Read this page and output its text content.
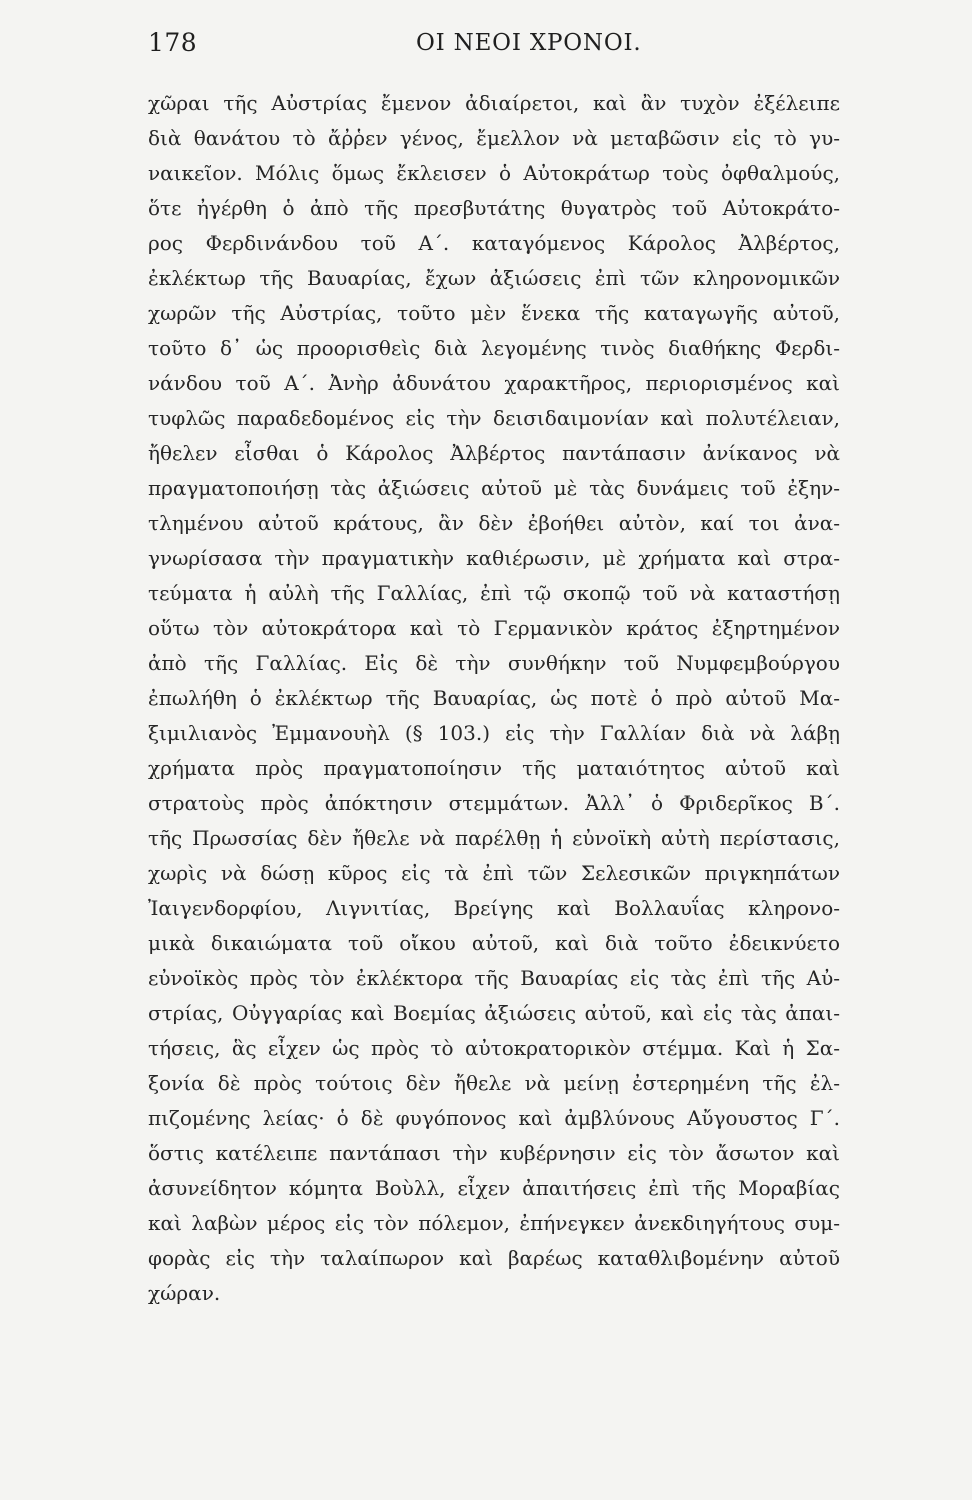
178	ΟΙ ΝΕΟΙ ΧΡΟΝΟΙ.
χῶραι τῆς Αὐστρίας ἔμενον ἀδιαίρετοι, καὶ ἂν τυχὸν ἐξέλειπε
διὰ θανάτου τὸ ἄῤῥεν γένος, ἔμελλον νὰ μεταβῶσιν εἰς τὸ γυ-
ναικεῖον. Μόλις ὅμως ἔκλεισεν ὁ Αὐτοκράτωρ τοὺς ὀφθαλμούς,
ὅτε ἠγέρθη ὁ ἀπὸ τῆς πρεσβυτάτης θυγατρὸς τοῦ Αὐτοκράτο-
ρος Φερδινάνδου τοῦ Α΄. καταγόμενος Κάρολος Ἀλβέρτος,
ἐκλέκτωρ τῆς Βαυαρίας, ἔχων ἀξιώσεις ἐπὶ τῶν κληρονομικῶν
χωρῶν τῆς Αὐστρίας, τοῦτο μὲν ἕνεκα τῆς καταγωγῆς αὐτοῦ,
τοῦτο δ᾽ ὡς προορισθεὶς διὰ λεγομένης τινὸς διαθήκης Φερδι-
νάνδου τοῦ Α΄. Ἀνὴρ ἀδυνάτου χαρακτῆρος, περιορισμένος καὶ
τυφλῶς παραδεδομένος εἰς τὴν δεισιδαιμονίαν καὶ πολυτέλειαν,
ἤθελεν εἶσθαι ὁ Κάρολος Ἀλβέρτος παντάπασιν ἀνίκανος νὰ
πραγματοποιήσῃ τὰς ἀξιώσεις αὐτοῦ μὲ τὰς δυνάμεις τοῦ ἐξην-
τλημένου αὐτοῦ κράτους, ἂν δὲν ἐβοήθει αὐτὸν, καί τοι ἀνα-
γνωρίσασα τὴν πραγματικὴν καθιέρωσιν, μὲ χρήματα καὶ στρα-
τεύματα ἡ αὐλὴ τῆς Γαλλίας, ἐπὶ τῷ σκοπῷ τοῦ νὰ καταστήσῃ
οὕτω τὸν αὐτοκράτορα καὶ τὸ Γερμανικὸν κράτος ἐξηρτημένον
ἀπὸ τῆς Γαλλίας. Εἰς δὲ τὴν συνθήκην τοῦ Νυμφεμβούργου
ἐπωλήθη ὁ ἐκλέκτωρ τῆς Βαυαρίας, ὡς ποτὲ ὁ πρὸ αὐτοῦ Μα-
ξιμιλιανὸς Ἐμμανουὴλ (§ 103.) εἰς τὴν Γαλλίαν διὰ νὰ λάβῃ
χρήματα πρὸς πραγματοποίησιν τῆς ματαιότητος αὐτοῦ καὶ
στρατοὺς πρὸς ἀπόκτησιν στεμμάτων. Ἀλλ᾽ ὁ Φριδερῖκος Β΄.
τῆς Πρωσσίας δὲν ἤθελε νὰ παρέλθῃ ἡ εὐνοϊκὴ αὐτὴ περίστασις,
χωρὶς νὰ δώσῃ κῦρος εἰς τὰ ἐπὶ τῶν Σελεσικῶν πριγκηπάτων
Ἰαιγενδορφίου, Λιγνιτίας, Βρείγης καὶ Βολλαυΐας κληρονο-
μικὰ δικαιώματα τοῦ οἴκου αὐτοῦ, καὶ διὰ τοῦτο ἐδεικνύετο
εὐνοϊκὸς πρὸς τὸν ἐκλέκτορα τῆς Βαυαρίας εἰς τὰς ἐπὶ τῆς Αὐ-
στρίας, Οὐγγαρίας καὶ Βοεμίας ἀξιώσεις αὐτοῦ, καὶ εἰς τὰς ἀπαι-
τήσεις, ἃς εἶχεν ὡς πρὸς τὸ αὐτοκρατορικὸν στέμμα. Καὶ ἡ Σα-
ξονία δὲ πρὸς τούτοις δὲν ἤθελε νὰ μείνῃ ἐστερημένη τῆς ἐλ-
πιζομένης λείας· ὁ δὲ φυγόπονος καὶ ἀμβλύνους Αὔγουστος Γ΄.
ὅστις κατέλειπε παντάπασι τὴν κυβέρνησιν εἰς τὸν ἄσωτον καὶ
ἀσυνείδητον κόμητα Βοὺλλ, εἶχεν ἀπαιτήσεις ἐπὶ τῆς Μοραβίας
καὶ λαβὼν μέρος εἰς τὸν πόλεμον, ἐπήνεγκεν ἀνεκδιηγήτους συμ-
φορὰς εἰς τὴν ταλαίπωρον καὶ βαρέως καταθλιβομένην αὐτοῦ
χώραν.
